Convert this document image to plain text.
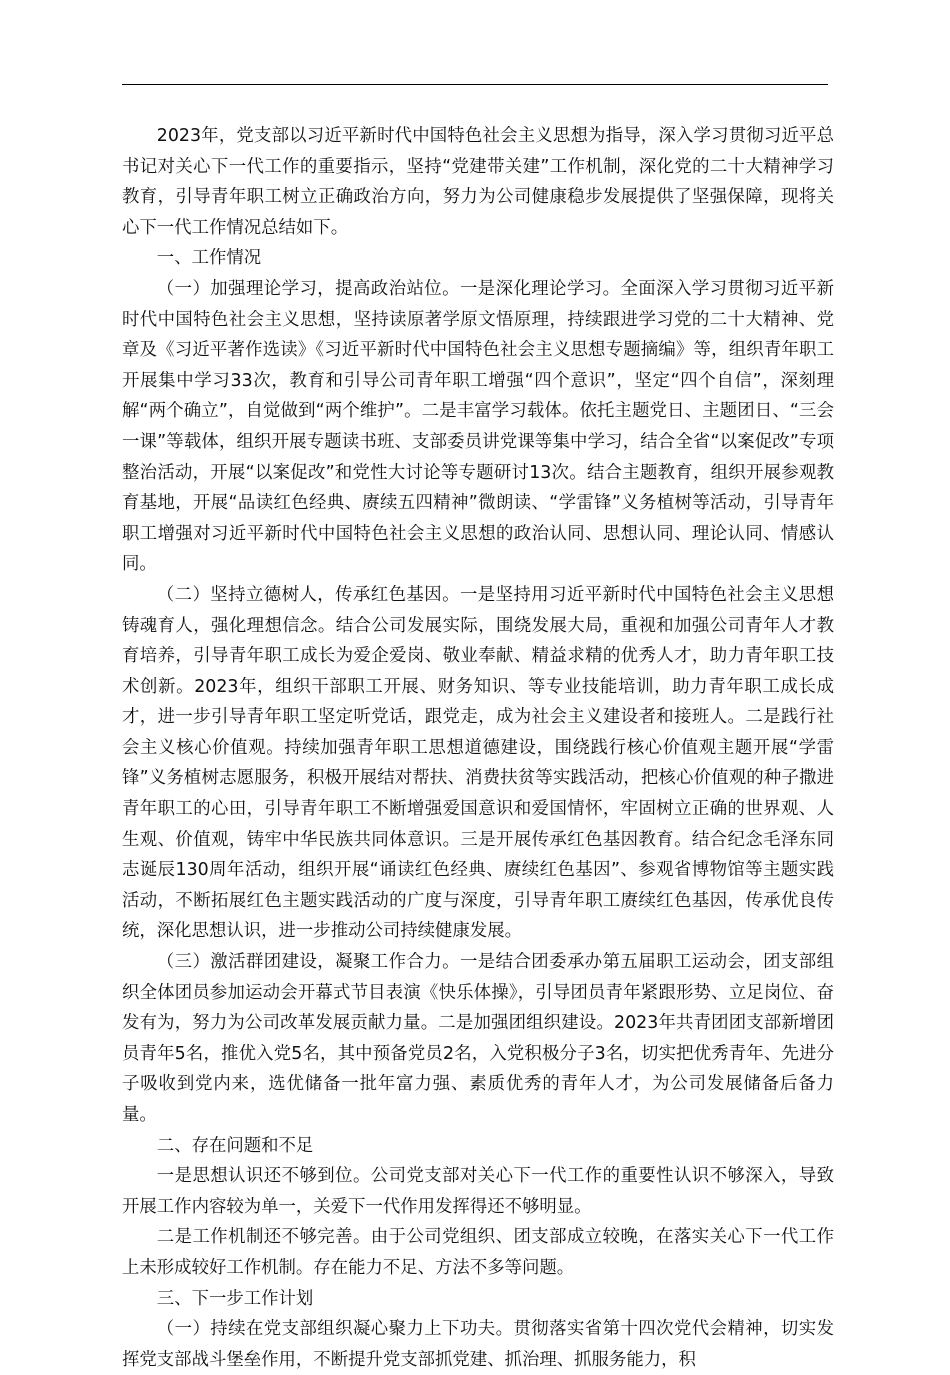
2023年，党支部以习近平新时代中国特色社会主义思想为指导，深入学习贯彻习近平总书记对关心下一代工作的重要指示，坚持“党建带关建”工作机制，深化党的二十大精神学习教育，引导青年职工树立正确政治方向，努力为公司健康稳步发展提供了坚强保障，现将关心下一代工作情况总结如下。

一、工作情况

（一）加强理论学习，提高政治站位。一是深化理论学习。全面深入学习贯彻习近平新时代中国特色社会主义思想，坚持读原著学原文悟原理，持续跟进学习党的二十大精神、党章及《习近平著作选读》《习近平新时代中国特色社会主义思想专题摘编》等，组织青年职工开展集中学习33次，教育和引导公司青年职工增强“四个意识”，坚定“四个自信”，深刻理解“两个确立”，自觉做到“两个维护”。二是丰富学习载体。依托主题党日、主题团日、“三会一课”等载体，组织开展专题读书班、支部委员讲党课等集中学习，结合全省“以案促改”专项整治活动，开展“以案促改”和党性大讨论等专题研讨13次。结合主题教育，组织开展参观教育基地，开展“品读红色经典、赓续五四精神”微朗读、“学雷锋”义务植树等活动，引导青年职工增强对习近平新时代中国特色社会主义思想的政治认同、思想认同、理论认同、情感认同。

（二）坚持立德树人，传承红色基因。一是坚持用习近平新时代中国特色社会主义思想铸魂育人，强化理想信念。结合公司发展实际，围绕发展大局，重视和加强公司青年人才教育培养，引导青年职工成长为爱企爱岗、敬业奉献、精益求精的优秀人才，助力青年职工技术创新。2023年，组织干部职工开展、财务知识、等专业技能培训，助力青年职工成长成才，进一步引导青年职工坚定听党话，跟党走，成为社会主义建设者和接班人。二是践行社会主义核心价值观。持续加强青年职工思想道德建设，围绕践行核心价值观主题开展“学雷锋”义务植树志愿服务，积极开展结对帮扶、消费扶贫等实践活动，把核心价值观的种子撒进青年职工的心田，引导青年职工不断增强爱国意识和爱国情怀，牢固树立正确的世界观、人生观、价值观，铸牢中华民族共同体意识。三是开展传承红色基因教育。结合纪念毛泽东同志诞辰130周年活动，组织开展“诵读红色经典、赓续红色基因”、参观省博物馆等主题实践活动，不断拓展红色主题实践活动的广度与深度，引导青年职工赓续红色基因，传承优良传统，深化思想认识，进一步推动公司持续健康发展。

（三）激活群团建设，凝聚工作合力。一是结合团委承办第五届职工运动会，团支部组织全体团员参加运动会开幕式节目表演《快乐体操》，引导团员青年紧跟形势、立足岗位、奋发有为，努力为公司改革发展贡献力量。二是加强团组织建设。2023年共青团团支部新增团员青年5名，推优入党5名，其中预备党员2名，入党积极分子3名，切实把优秀青年、先进分子吸收到党内来，选优储备一批年富力强、素质优秀的青年人才，为公司发展储备后备力量。

二、存在问题和不足

一是思想认识还不够到位。公司党支部对关心下一代工作的重要性认识不够深入，导致开展工作内容较为单一，关爱下一代作用发挥得还不够明显。

二是工作机制还不够完善。由于公司党组织、团支部成立较晚，在落实关心下一代工作上未形成较好工作机制。存在能力不足、方法不多等问题。

三、下一步工作计划

（一）持续在党支部组织凝心聚力上下功夫。贯彻落实省第十四次党代会精神，切实发挥党支部战斗堡垒作用，不断提升党支部抓党建、抓治理、抓服务能力，积
